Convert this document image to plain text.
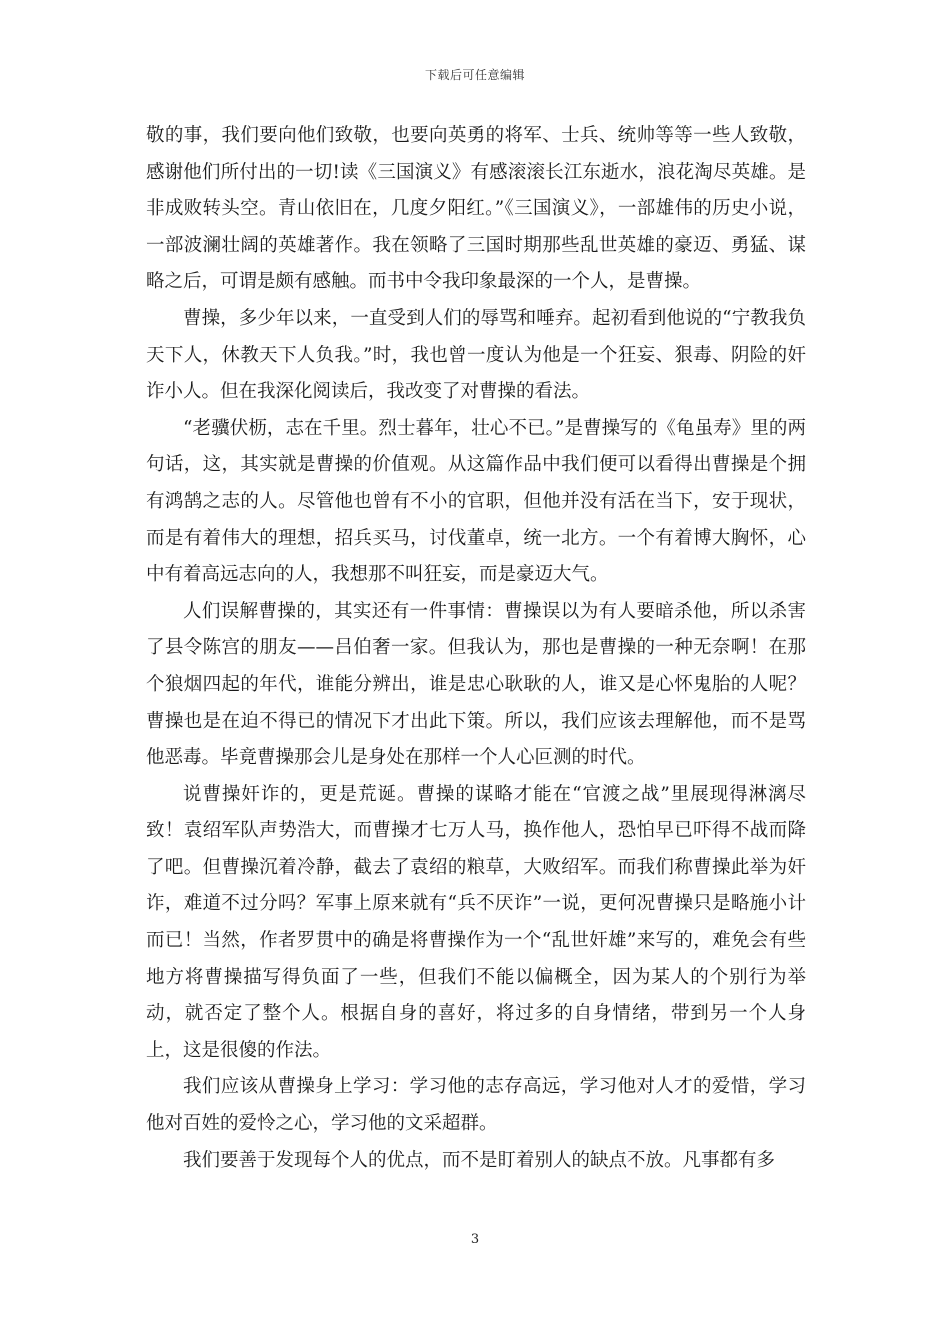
下载后可任意编辑

敬的事，我们要向他们致敬，也要向英勇的将军、士兵、统帅等等一些人致敬，感谢他们所付出的一切!读《三国演义》有感滚滚长江东逝水，浪花淘尽英雄。是非成败转头空。青山依旧在，几度夕阳红。”《三国演义》，一部雄伟的历史小说，一部波澜壮阔的英雄著作。我在领略了三国时期那些乱世英雄的豪迈、勇猛、谋略之后，可谓是颇有感触。而书中令我印象最深的一个人，是曹操。

曹操，多少年以来，一直受到人们的辱骂和唾弃。起初看到他说的“宁教我负天下人，休教天下人负我。”时，我也曾一度认为他是一个狂妄、狠毒、阴险的奸诈小人。但在我深化阅读后，我改变了对曹操的看法。

“老骥伏枥，志在千里。烈士暮年，壮心不已。”是曹操写的《龟虽寿》里的两句话，这，其实就是曹操的价值观。从这篇作品中我们便可以看得出曹操是个拥有鸿鹄之志的人。尽管他也曾有不小的官职，但他并没有活在当下，安于现状，而是有着伟大的理想，招兵买马，讨伐董卓，统一北方。一个有着博大胸怀，心中有着高远志向的人，我想那不叫狂妄，而是豪迈大气。

人们误解曹操的，其实还有一件事情：曹操误以为有人要暗杀他，所以杀害了县令陈宫的朋友——吕伯奢一家。但我认为，那也是曹操的一种无奈啊！在那个狼烟四起的年代，谁能分辨出，谁是忠心耿耿的人，谁又是心怀鬼胎的人呢？曹操也是在迫不得已的情况下才出此下策。所以，我们应该去理解他，而不是骂他恶毒。毕竟曹操那会儿是身处在那样一个人心叵测的时代。

说曹操奸诈的，更是荒诞。曹操的谋略才能在“官渡之战”里展现得淋漓尽致！袁绍军队声势浩大，而曹操才七万人马，换作他人，恐怕早已吓得不战而降了吧。但曹操沉着冷静，截去了袁绍的粮草，大败绍军。而我们称曹操此举为奸诈，难道不过分吗？军事上原来就有“兵不厌诈”一说，更何况曹操只是略施小计而已！当然，作者罗贯中的确是将曹操作为一个“乱世奸雄”来写的，难免会有些地方将曹操描写得负面了一些，但我们不能以偏概全，因为某人的个别行为举动，就否定了整个人。根据自身的喜好，将过多的自身情绪，带到另一个人身上，这是很傻的作法。

我们应该从曹操身上学习：学习他的志存高远，学习他对人才的爱惜，学习他对百姓的爱怜之心，学习他的文采超群。

我们要善于发现每个人的优点，而不是盯着别人的缺点不放。凡事都有多

3
